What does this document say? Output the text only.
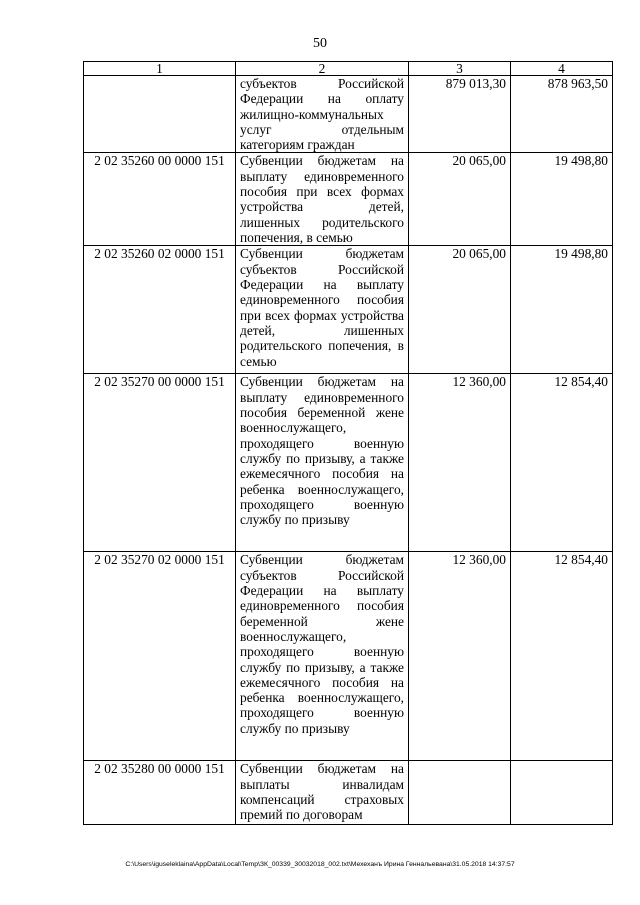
50
1	2	3	4
	субъектов Российской Федерации на оплату жилищно-коммунальных услуг отдельным категориям граждан	879 013,30	878 963,50
2 02 35260 00 0000 151	Субвенции бюджетам на выплату единовременного пособия при всех формах устройства детей, лишенных родительского попечения, в семью	20 065,00	19 498,80
2 02 35260 02 0000 151	Субвенции бюджетам субъектов Российской Федерации на выплату единовременного пособия при всех формах устройства детей, лишенных родительского попечения, в семью	20 065,00	19 498,80
2 02 35270 00 0000 151	Субвенции бюджетам на выплату единовременного пособия беременной жене военнослужащего, проходящего военную службу по призыву, а также ежемесячного пособия на ребенка военнослужащего, проходящего военную службу по призыву	12 360,00	12 854,40
2 02 35270 02 0000 151	Субвенции бюджетам субъектов Российской Федерации на выплату единовременного пособия беременной жене военнослужащего, проходящего военную службу по призыву, а также ежемесячного пособия на ребенка военнослужащего, проходящего военную службу по призыву	12 360,00	12 854,40
2 02 35280 00 0000 151	Субвенции бюджетам на выплаты инвалидам компенсаций страховых премий по договорам		
C:\Users\iguseleklaina\AppData\Local\Temp\ЗК_00339_30032018_002.txt\Мехеханъ Ирина Геннальевана\31.05.2018 14:37:57
